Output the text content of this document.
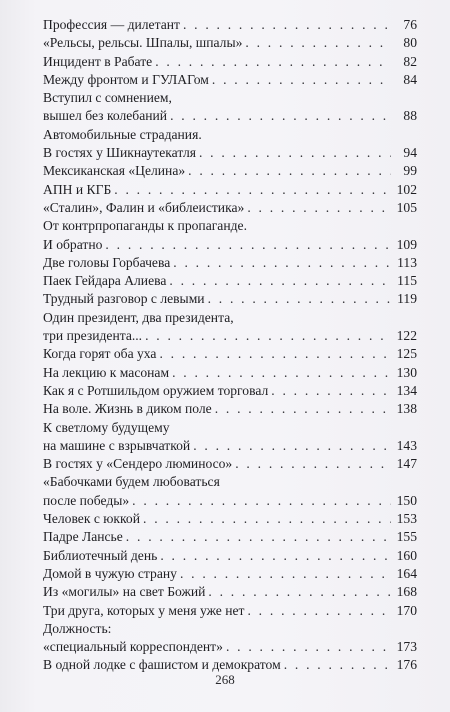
Профессия — дилетант . . .	76
«Рельсы, рельсы. Шпалы, шпалы» . . .	80
Инцидент в Рабате . . .	82
Между фронтом и ГУЛАГом . . .	84
Вступил с сомнением,
вышел без колебаний . . .	88
Автомобильные страдания.
В гостях у Шикнаутекатля . . .	94
Мексиканская «Целина» . . .	99
АПН и КГБ . . .	102
«Сталин», Фалин и «библеистика» . . .	105
От контрпропаганды к пропаганде.
И обратно . . .	109
Две головы Горбачева . . .	113
Паек Гейдара Алиева . . .	115
Трудный разговор с левыми . . .	119
Один президент, два президента,
три президента... . . .	122
Когда горят оба уха . . .	125
На лекцию к масонам . . .	130
Как я с Ротшильдом оружием торговал . . .	134
На воле. Жизнь в диком поле . . .	138
К светлому будущему
на машине с взрывчаткой . . .	143
В гостях у «Сендеро люминосо» . . .	147
«Бабочками будем любоваться
после победы» . . .	150
Человек с юккой . . .	153
Падре Лансье . . .	155
Библиотечный день . . .	160
Домой в чужую страну . . .	164
Из «могилы» на свет Божий . . .	168
Три друга, которых у меня уже нет . . .	170
Должность:
«специальный корреспондент» . . .	173
В одной лодке с фашистом и демократом . . .	176
268
